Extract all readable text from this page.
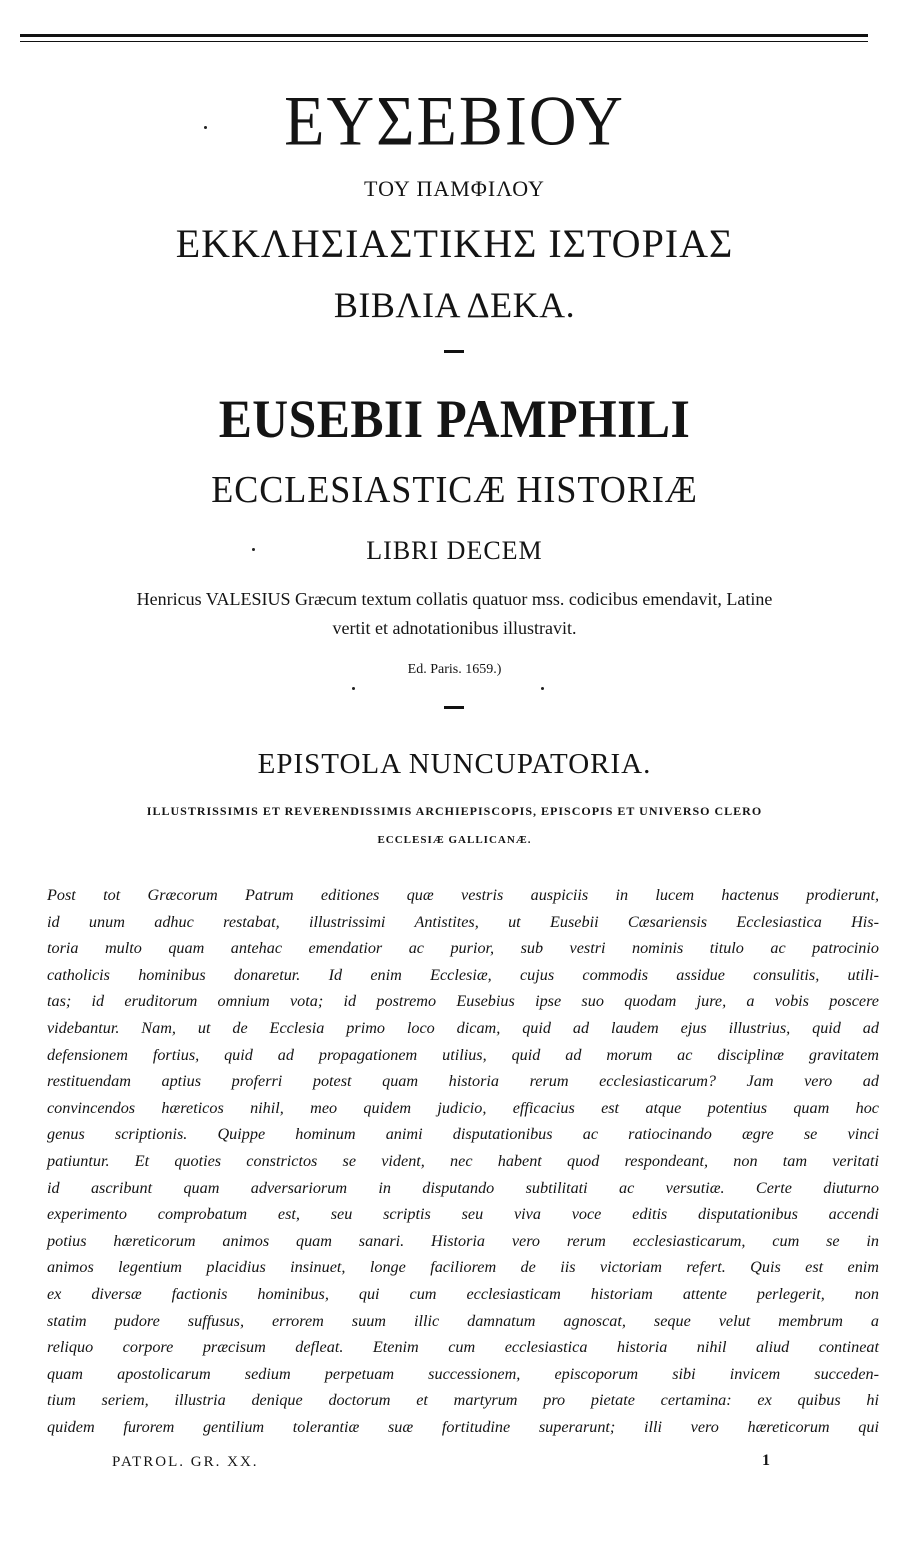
ΕΥΣΕΒΙΟΥ
ΤΟΥ ΠΑΜΦΙΛΟΥ
ΕΚΚΛΗΣΙΑΣΤΙΚΗΣ ΙΣΤΟΡΙΑΣ
ΒΙΒΛΙΑ ΔΕΚΑ.
EUSEBII PAMPHILI
ECCLESIASTICÆ HISTORIÆ
LIBRI DECEM
Henricus VALESIUS Græcum textum collatis quatuor mss. codicibus emendavit, Latine
vertit et adnotationibus illustravit.
Ed. Paris. 1659.)
EPISTOLA NUNCUPATORIA.
ILLUSTRISSIMIS ET REVERENDISSIMIS ARCHIEPISCOPIS, EPISCOPIS ET UNIVERSO CLERO
ECCLESIÆ GALLICANÆ.
Post tot Græcorum Patrum editiones quæ vestris auspiciis in lucem hactenus prodierunt,
id unum adhuc restabat, illustrissimi Antistites, ut Eusebii Cæsariensis Ecclesiastica His-
toria multo quam antehac emendatior ac purior, sub vestri nominis titulo ac patrocinio
catholicis hominibus donaretur. Id enim Ecclesiæ, cujus commodis assidue consulitis, utili-
tas; id eruditorum omnium vota; id postremo Eusebius ipse suo quodam jure, a vobis poscere
videbantur. Nam, ut de Ecclesia primo loco dicam, quid ad laudem ejus illustrius, quid ad
defensionem fortius, quid ad propagationem utilius, quid ad morum ac disciplinæ gravitatem
restituendam aptius proferri potest quam historia rerum ecclesiasticarum? Jam vero ad
convincendos hæreticos nihil, meo quidem judicio, efficacius est atque potentius quam hoc
genus scriptionis. Quippe hominum animi disputationibus ac ratiocinando ægre se vinci
patiuntur. Et quoties constrictos se vident, nec habent quod respondeant, non tam veritati
id ascribunt quam adversariorum in disputando subtilitati ac versutiæ. Certe diuturno
experimento comprobatum est, seu scriptis seu viva voce editis disputationibus accendi
potius hæreticorum animos quam sanari. Historia vero rerum ecclesiasticarum, cum se in
animos legentium placidius insinuet, longe faciliorem de iis victoriam refert. Quis est enim
ex diversæ factionis hominibus, qui cum ecclesiasticam historiam attente perlegerit, non
statim pudore suffusus, errorem suum illic damnatum agnoscat, seque velut membrum a
reliquo corpore præcisum defleat. Etenim cum ecclesiastica historia nihil aliud contineat
quam apostolicarum sedium perpetuam successionem, episcoporum sibi invicem succeden-
tium seriem, illustria denique doctorum et martyrum pro pietate certamina: ex quibus hi
quidem furorem gentilium tolerantiæ suæ fortitudine superarunt; illi vero hæreticorum qui
PATROL. GR. XX.	1
